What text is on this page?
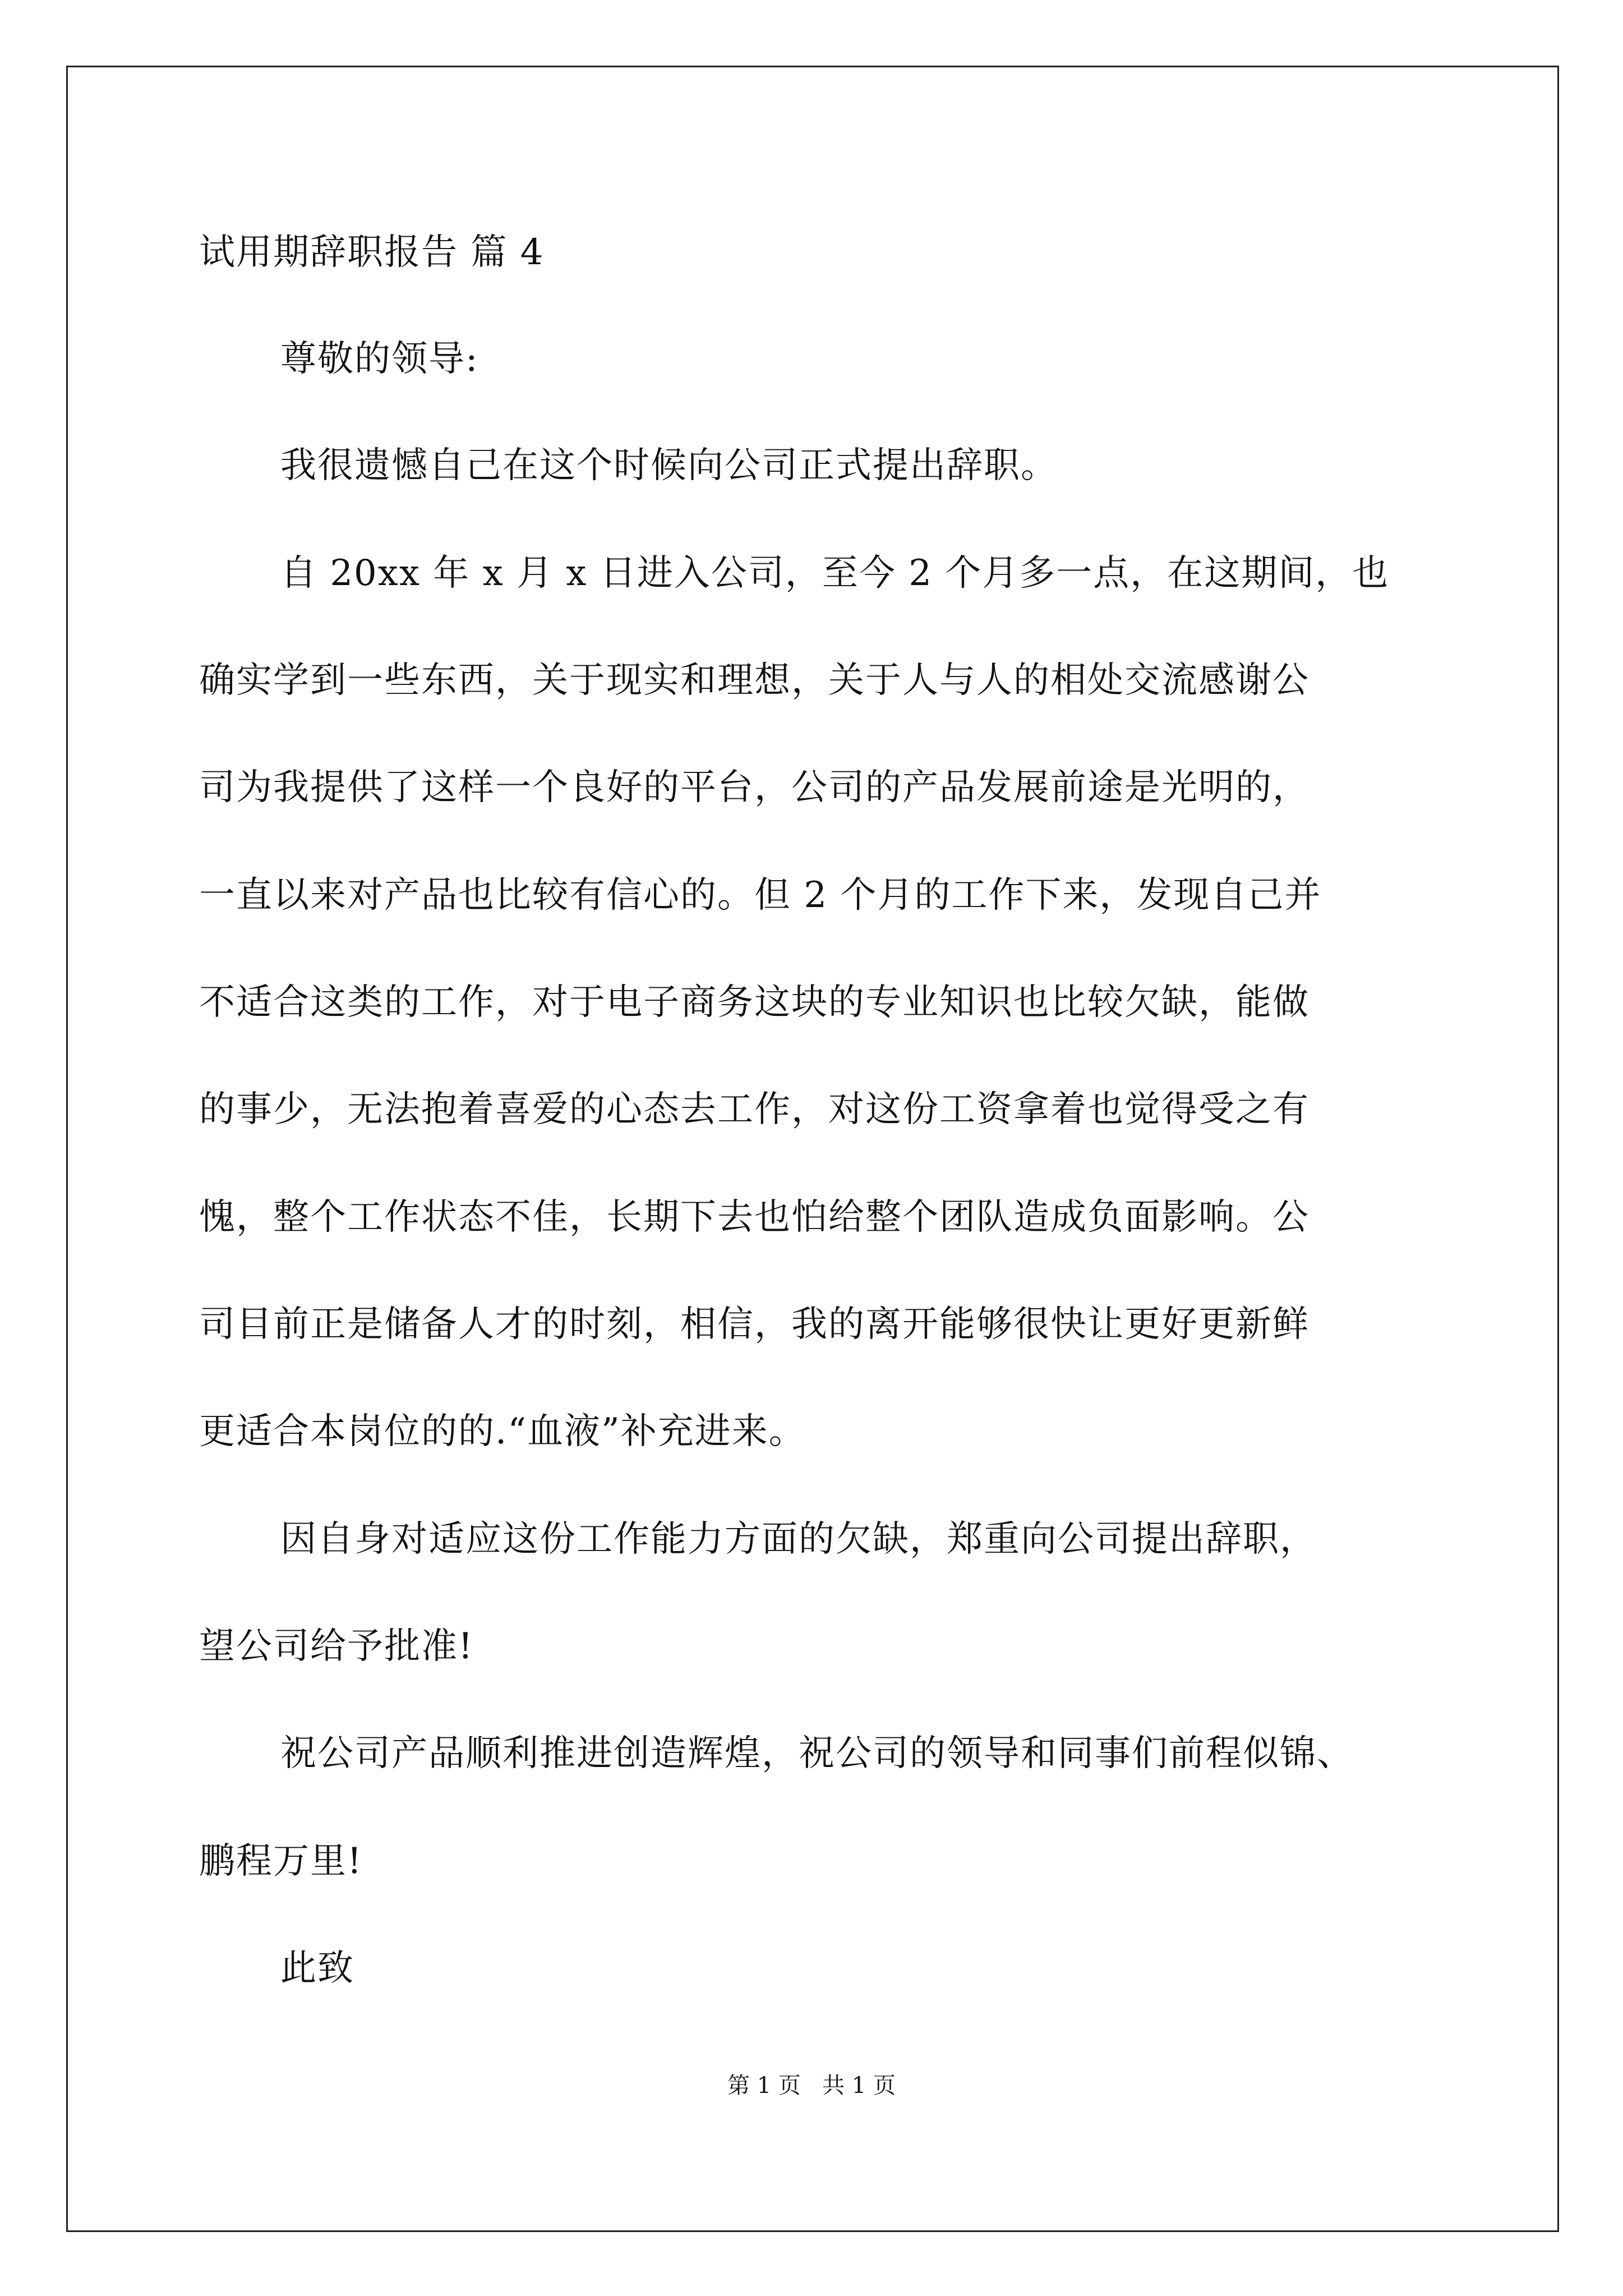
试用期辞职报告 篇 4
尊敬的领导:
我很遗憾自己在这个时候向公司正式提出辞职。
自 20xx 年 x 月 x 日进入公司，至今 2 个月多一点，在这期间，也
确实学到一些东西，关于现实和理想，关于人与人的相处交流感谢公
司为我提供了这样一个良好的平台，公司的产品发展前途是光明的，
一直以来对产品也比较有信心的。但 2 个月的工作下来，发现自己并
不适合这类的工作，对于电子商务这块的专业知识也比较欠缺，能做
的事少，无法抱着喜爱的心态去工作，对这份工资拿着也觉得受之有
愧，整个工作状态不佳，长期下去也怕给整个团队造成负面影响。公
司目前正是储备人才的时刻，相信，我的离开能够很快让更好更新鲜
更适合本岗位的的.“血液”补充进来。
因自身对适应这份工作能力方面的欠缺，郑重向公司提出辞职，
望公司给予批准!
祝公司产品顺利推进创造辉煌，祝公司的领导和同事们前程似锦、
鹏程万里!
此致
第 1 页   共 1 页
